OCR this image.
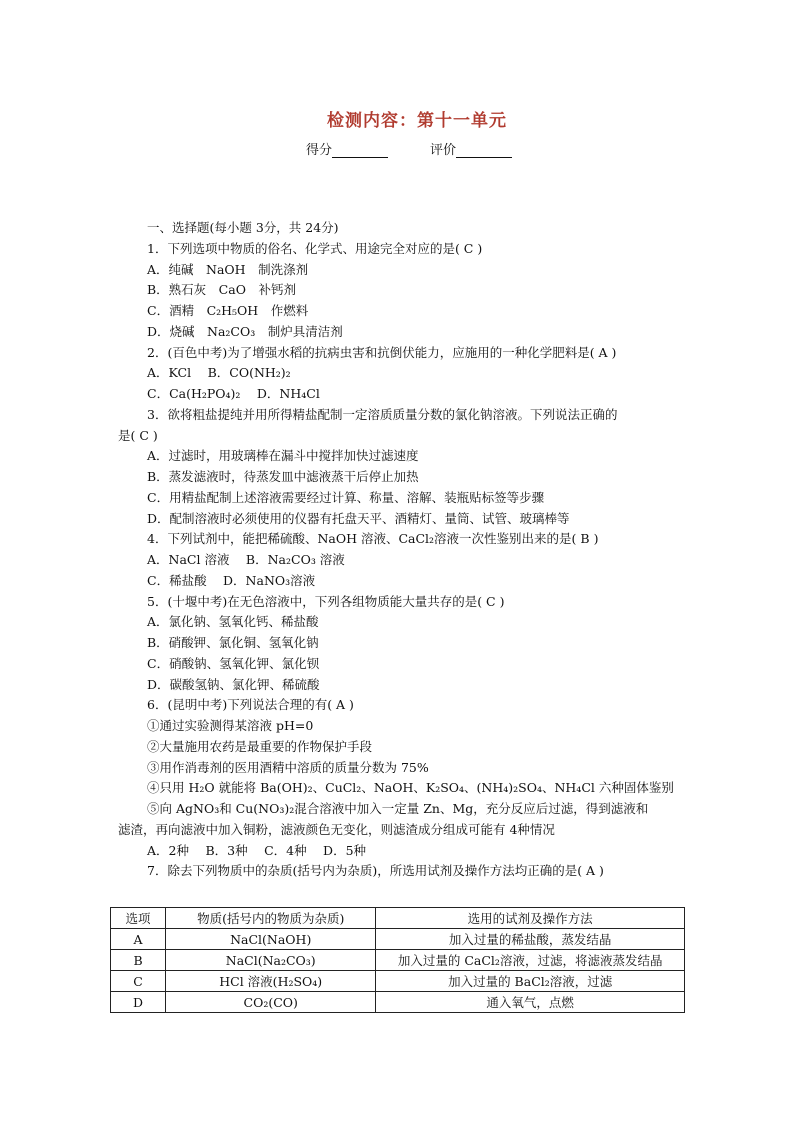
检测内容：第十一单元
得分	评价
一、选择题(每小题 3分，共 24分)
1．下列选项中物质的俗名、化学式、用途完全对应的是( C )
A．纯碱　NaOH　制洗涤剂
B．熟石灰　CaO　补钙剂
C．酒精　C₂H₅OH　作燃料
D．烧碱　Na₂CO₃　制炉具清洁剂
2．(百色中考)为了增强水稻的抗病虫害和抗倒伏能力，应施用的一种化学肥料是( A )
A．KCl　 B．CO(NH₂)₂
C．Ca(H₂PO₄)₂　 D．NH₄Cl
3．欲将粗盐提纯并用所得精盐配制一定溶质质量分数的氯化钠溶液。下列说法正确的
是( C )
A．过滤时，用玻璃棒在漏斗中搅拌加快过滤速度
B．蒸发滤液时，待蒸发皿中滤液蒸干后停止加热
C．用精盐配制上述溶液需要经过计算、称量、溶解、装瓶贴标签等步骤
D．配制溶液时必须使用的仪器有托盘天平、酒精灯、量筒、试管、玻璃棒等
4．下列试剂中，能把稀硫酸、NaOH 溶液、CaCl₂溶液一次性鉴别出来的是( B )
A．NaCl 溶液　 B．Na₂CO₃ 溶液
C．稀盐酸　 D．NaNO₃溶液
5．(十堰中考)在无色溶液中，下列各组物质能大量共存的是( C )
A．氯化钠、氢氧化钙、稀盐酸
B．硝酸钾、氯化铜、氢氧化钠
C．硝酸钠、氢氧化钾、氯化钡
D．碳酸氢钠、氯化钾、稀硫酸
6．(昆明中考)下列说法合理的有( A )
①通过实验测得某溶液 pH=0
②大量施用农药是最重要的作物保护手段
③用作消毒剂的医用酒精中溶质的质量分数为 75%
④只用 H₂O 就能将 Ba(OH)₂、CuCl₂、NaOH、K₂SO₄、(NH₄)₂SO₄、NH₄Cl 六种固体鉴别
⑤向 AgNO₃和 Cu(NO₃)₂混合溶液中加入一定量 Zn、Mg，充分反应后过滤，得到滤液和
滤渣，再向滤液中加入铜粉，滤液颜色无变化，则滤渣成分组成可能有 4种情况
A．2种　 B．3种　 C．4种　 D．5种
7．除去下列物质中的杂质(括号内为杂质)，所选用试剂及操作方法均正确的是( A )
选项	物质(括号内的物质为杂质)	选用的试剂及操作方法
A	NaCl(NaOH)	加入过量的稀盐酸，蒸发结晶
B	NaCl(Na₂CO₃)	加入过量的 CaCl₂溶液，过滤，将滤液蒸发结晶
C	HCl 溶液(H₂SO₄)	加入过量的 BaCl₂溶液，过滤
D	CO₂(CO)	通入氧气，点燃
